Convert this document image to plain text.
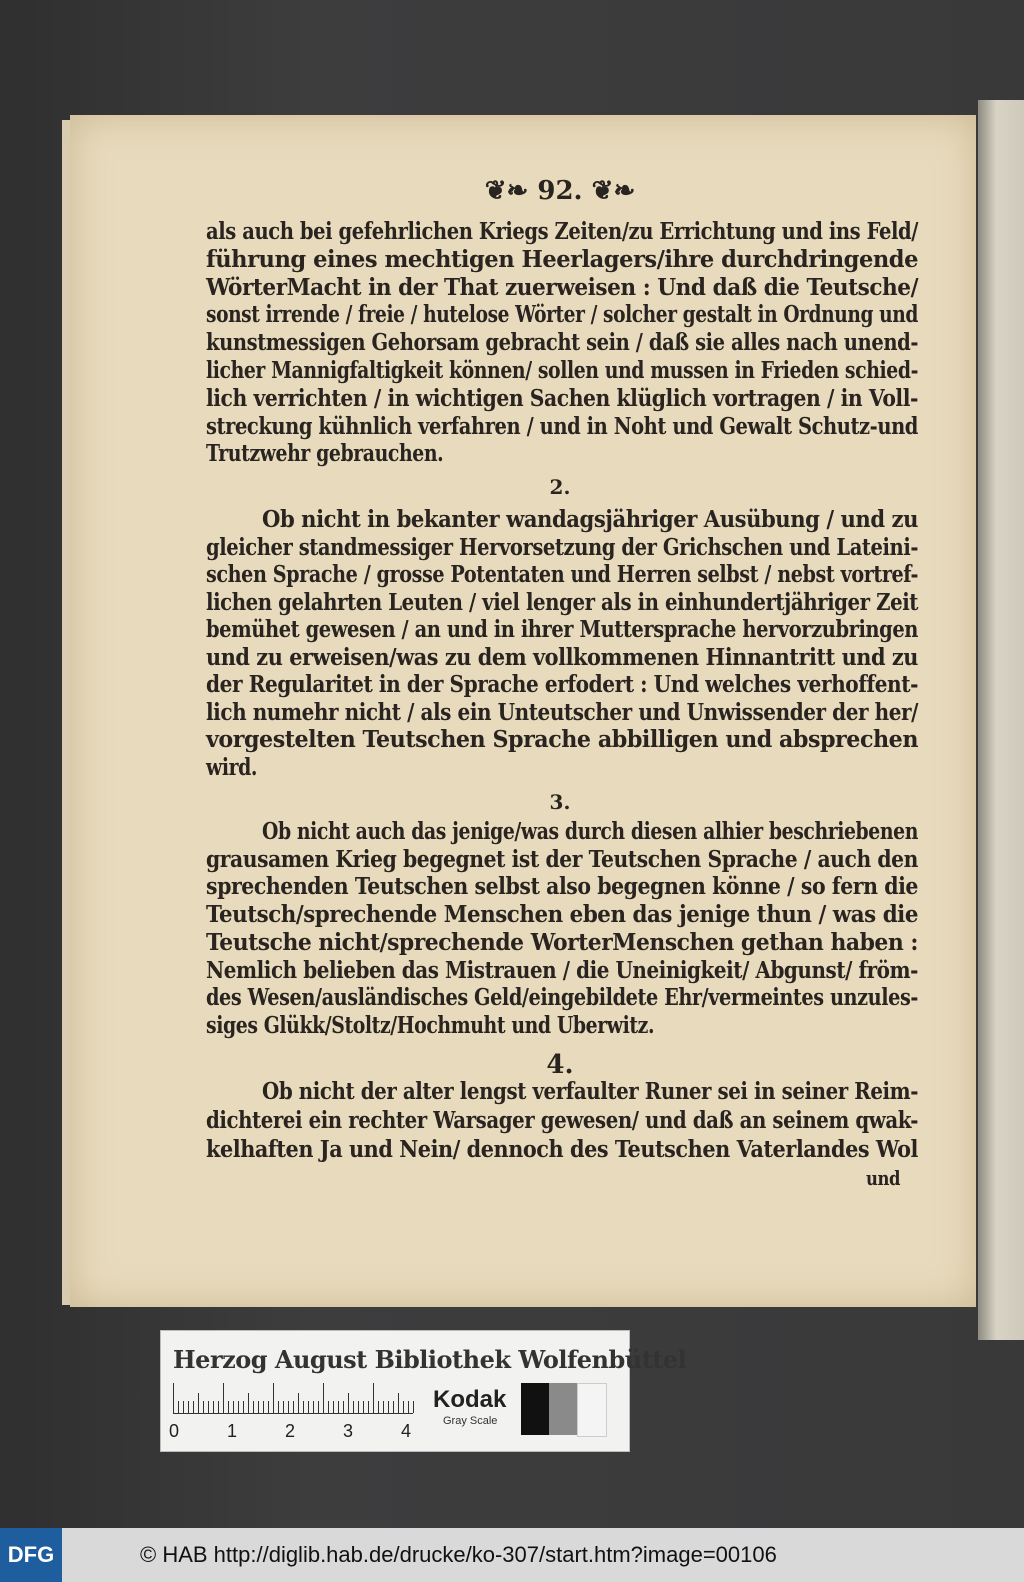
❦❧ 92. ❦❧
als auch bei gefehrlichen Kriegs Zeiten/zu Errichtung und ins Feld/
führung eines mechtigen Heerlagers/ihre durchdringende
WörterMacht in der That zuerweisen : Und daß die Teutsche/
sonst irrende / freie / hutelose Wörter / solcher gestalt in Ordnung und
kunstmessigen Gehorsam gebracht sein / daß sie alles nach unend-
licher Mannigfaltigkeit können/ sollen und mussen in Frieden schied-
lich verrichten / in wichtigen Sachen klüglich vortragen / in Voll-
streckung kühnlich verfahren / und in Noht und Gewalt Schutz-und
Trutzwehr gebrauchen.
2.
Ob nicht in bekanter wandagsjähriger Ausübung / und zu
gleicher standmessiger Hervorsetzung der Grichschen und Lateini-
schen Sprache / grosse Potentaten und Herren selbst / nebst vortref-
lichen gelahrten Leuten / viel lenger als in einhundertjähriger Zeit
bemühet gewesen / an und in ihrer Muttersprache hervorzubringen
und zu erweisen/was zu dem vollkommenen Hinnantritt und zu
der Regularitet in der Sprache erfodert : Und welches verhoffent-
lich numehr nicht / als ein Unteutscher und Unwissender der her/
vorgestelten Teutschen Sprache abbilligen und absprechen
wird.
3.
Ob nicht auch das jenige/was durch diesen alhier beschriebenen
grausamen Krieg begegnet ist der Teutschen Sprache / auch den
sprechenden Teutschen selbst also begegnen könne / so fern die
Teutsch/sprechende Menschen eben das jenige thun / was die
Teutsche nicht/sprechende WorterMenschen gethan haben :
Nemlich belieben das Mistrauen / die Uneinigkeit/ Abgunst/ fröm-
des Wesen/ausländisches Geld/eingebildete Ehr/vermeintes unzules-
siges Glükk/Stoltz/Hochmuht und Uberwitz.
4.
Ob nicht der alter lengst verfaulter Runer sei in seiner Reim-
dichterei ein rechter Warsager gewesen/ und daß an seinem qwak-
kelhaften Ja und Nein/ dennoch des Teutschen Vaterlandes Wol
und
Herzog August Bibliothek Wolfenbüttel
0	1	2	3	4
Kodak
Gray Scale
DFG	© HAB http://diglib.hab.de/drucke/ko-307/start.htm?image=00106
